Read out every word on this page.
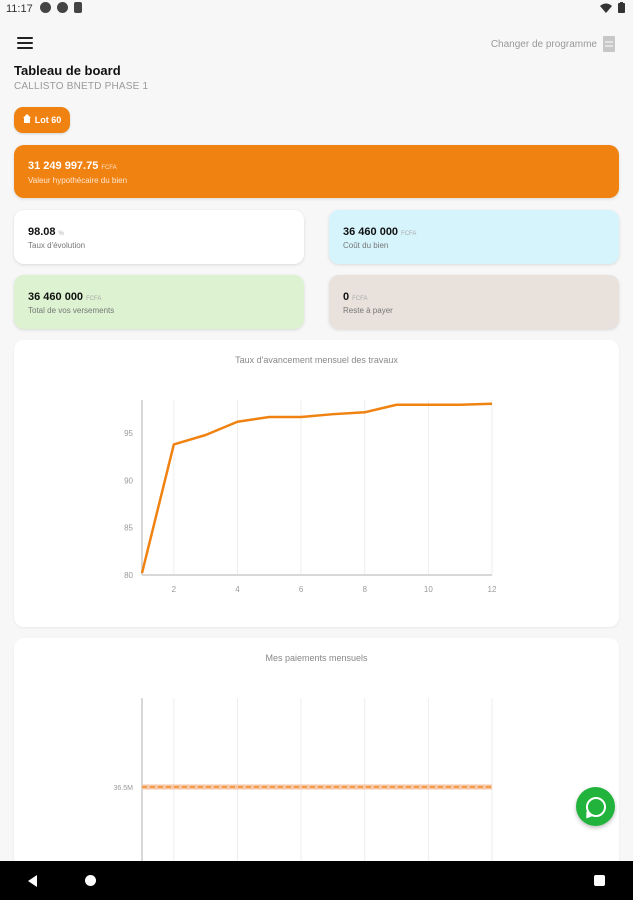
11:17
Changer de programme
Tableau de board
CALLISTO BNETD PHASE 1
Lot 60
31 249 997.75 FCFA
Valeur hypothécaire du bien
98.08 %
Taux d'évolution
36 460 000 FCFA
Coût du bien
36 460 000 FCFA
Total de vos versements
0 FCFA
Reste à payer
Taux d'avancement mensuel des travaux
2	4	6	8	10	12
80
85
90
95
Mes paiements mensuels
36.5M
